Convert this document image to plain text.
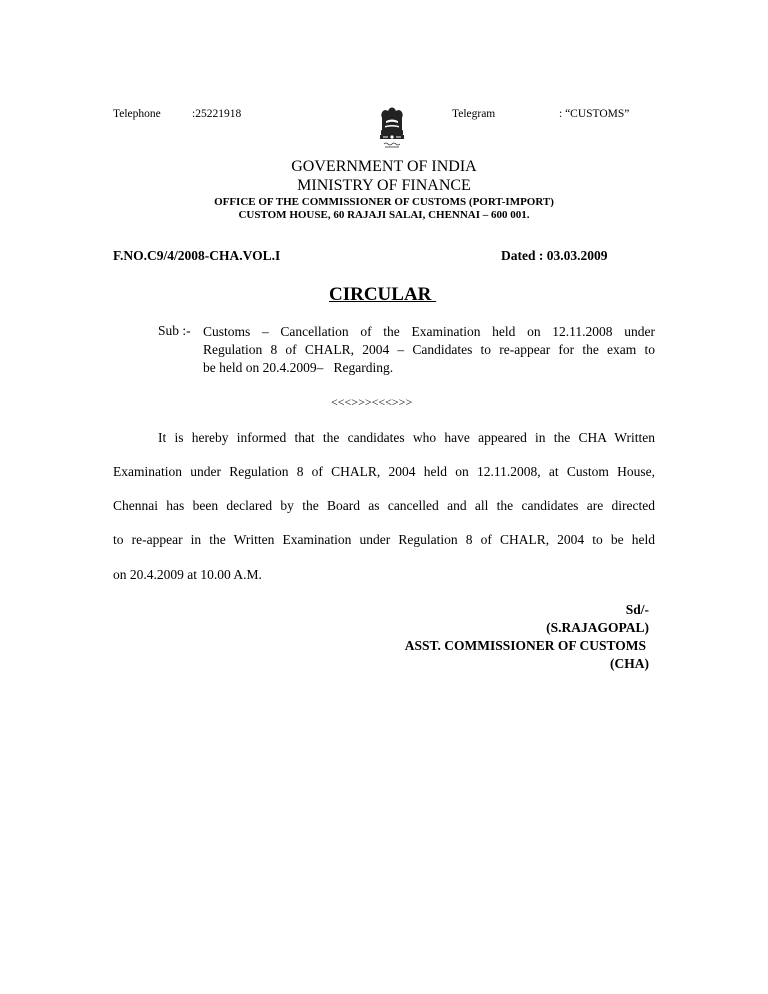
Telephone	:25221918	Telegram	: “CUSTOMS”
GOVERNMENT OF INDIA
MINISTRY OF FINANCE
OFFICE OF THE COMMISSIONER OF CUSTOMS (PORT-IMPORT)
CUSTOM HOUSE, 60 RAJAJI SALAI, CHENNAI – 600 001.
F.NO.C9/4/2008-CHA.VOL.I	Dated : 03.03.2009
CIRCULAR
Sub :- Customs – Cancellation of the Examination held on 12.11.2008 under
Regulation 8 of CHALR, 2004 – Candidates to re-appear for the exam to
be held on 20.4.2009–   Regarding.
<<<>>><<<>>>
It is hereby informed that the candidates who have appeared in the CHA Written
Examination under Regulation 8 of CHALR, 2004 held on 12.11.2008, at Custom House,
Chennai has been declared by the Board as cancelled and all the candidates are directed
to re-appear in the Written Examination under Regulation 8 of CHALR, 2004 to be held
on 20.4.2009 at 10.00 A.M.
Sd/-
(S.RAJAGOPAL)
ASST. COMMISSIONER OF CUSTOMS
(CHA)
